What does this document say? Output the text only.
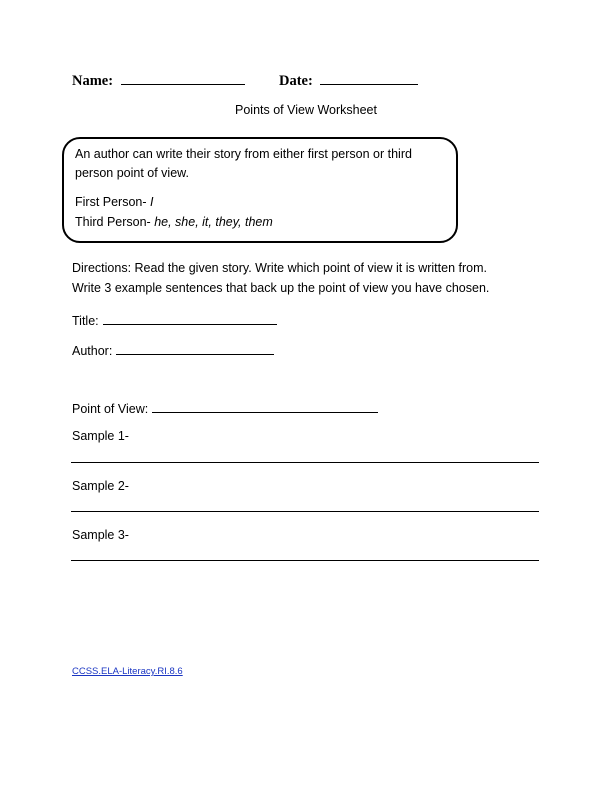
Name:	Date:
Points of View Worksheet
An author can write their story from either first person or third
person point of view.
First Person- I
Third Person- he, she, it, they, them
Directions: Read the given story. Write which point of view it is written from.
Write 3 example sentences that back up the point of view you have chosen.
Title:
Author:
Point of View:
Sample 1-
Sample 2-
Sample 3-
CCSS.ELA-Literacy.RI.8.6
